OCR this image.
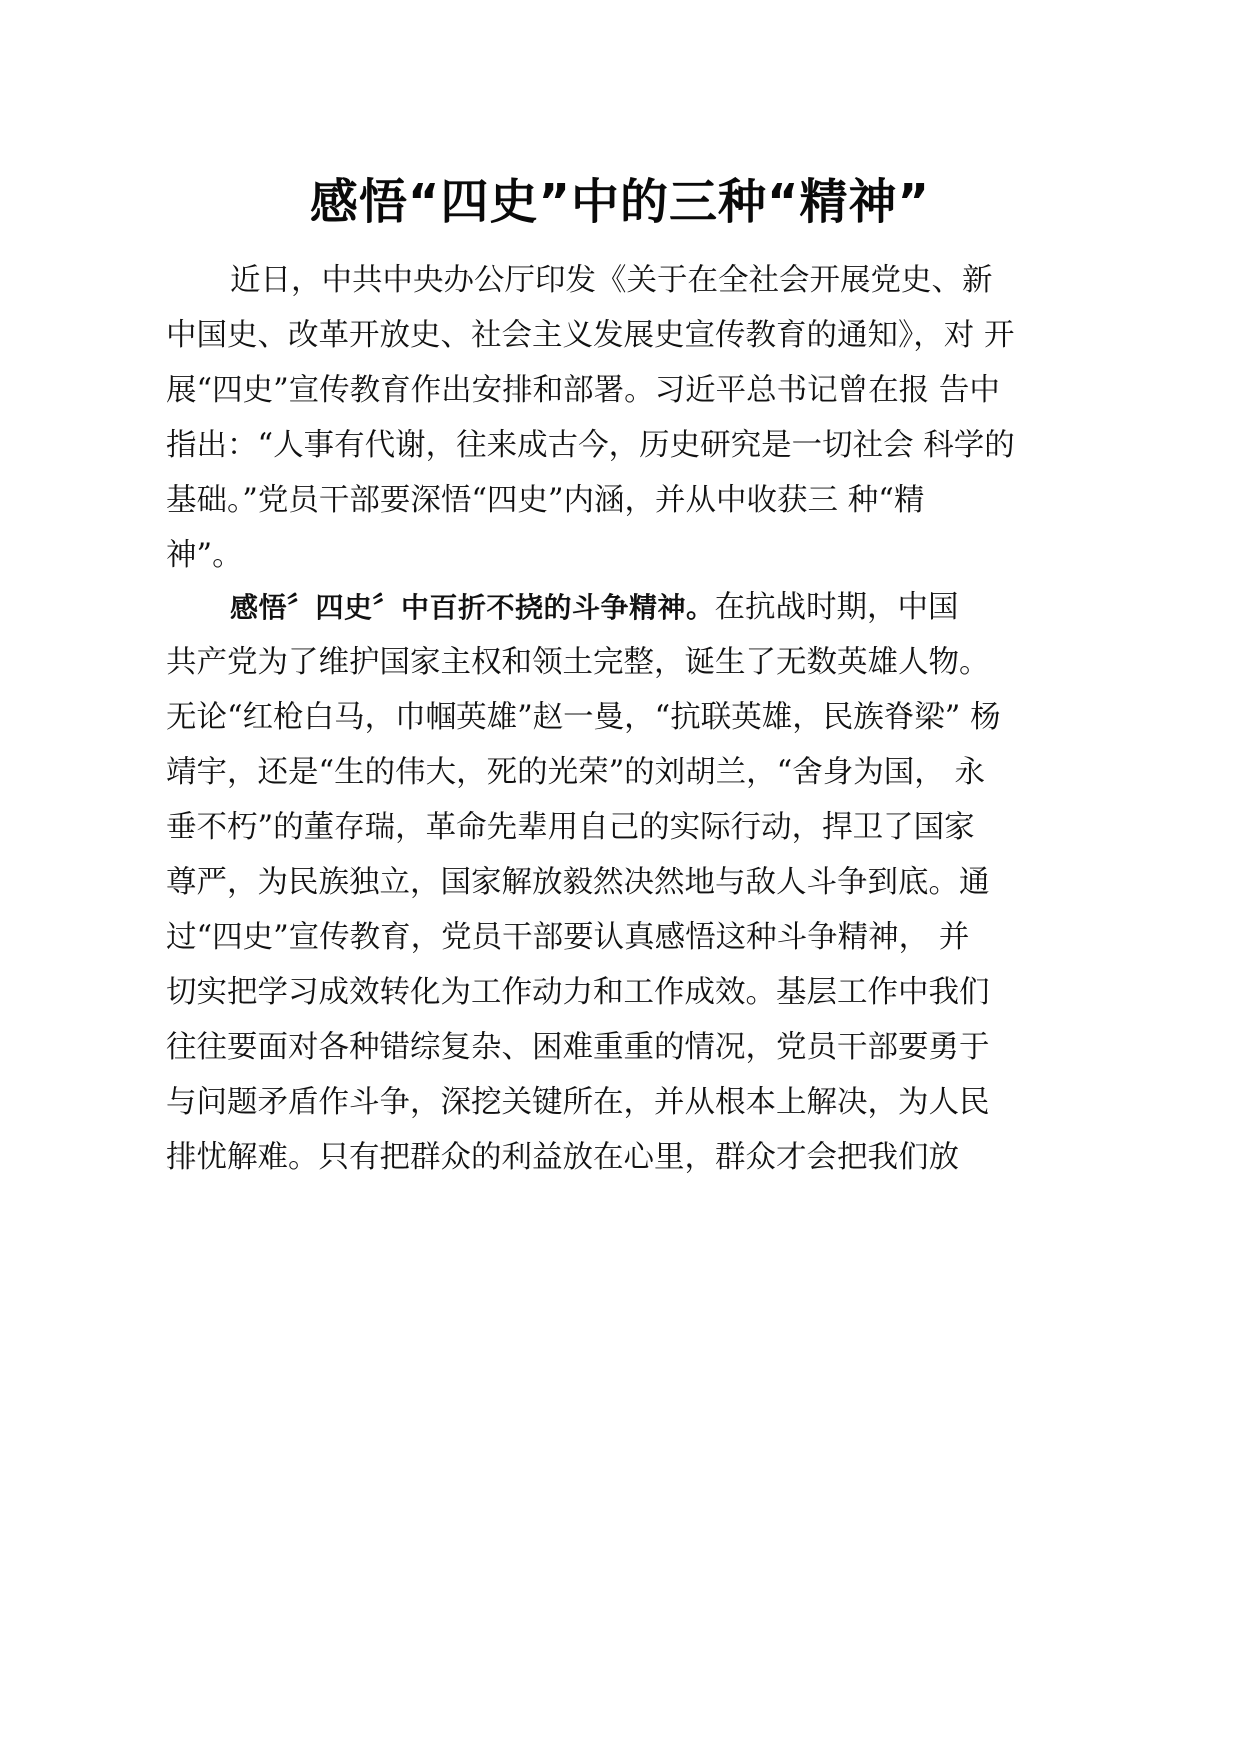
感悟“四史”中的三种“精神”
近日，中共中央办公厅印发《关于在全社会开展党史、新
中国史、改革开放史、社会主义发展史宣传教育的通知》，对 开
展“四史”宣传教育作出安排和部署。习近平总书记曾在报 告中
指出：“人事有代谢，往来成古今，历史研究是一切社会 科学的
基础。”党员干部要深悟“四史”内涵，并从中收获三 种“精
神”。
感悟〞四史〞中百折不挠的斗争精神。在抗战时期，中国
共产党为了维护国家主权和领土完整，诞生了无数英雄人物。
无论“红枪白马，巾帼英雄”赵一曼，“抗联英雄，民族脊梁” 杨
靖宇，还是“生的伟大，死的光荣”的刘胡兰，“舍身为国， 永
垂不朽”的董存瑞，革命先辈用自己的实际行动，捍卫了国家
尊严，为民族独立，国家解放毅然决然地与敌人斗争到底。通
过“四史”宣传教育，党员干部要认真感悟这种斗争精神， 并
切实把学习成效转化为工作动力和工作成效。基层工作中我们
往往要面对各种错综复杂、困难重重的情况，党员干部要勇于
与问题矛盾作斗争，深挖关键所在，并从根本上解决，为人民
排忧解难。只有把群众的利益放在心里，群众才会把我们放
